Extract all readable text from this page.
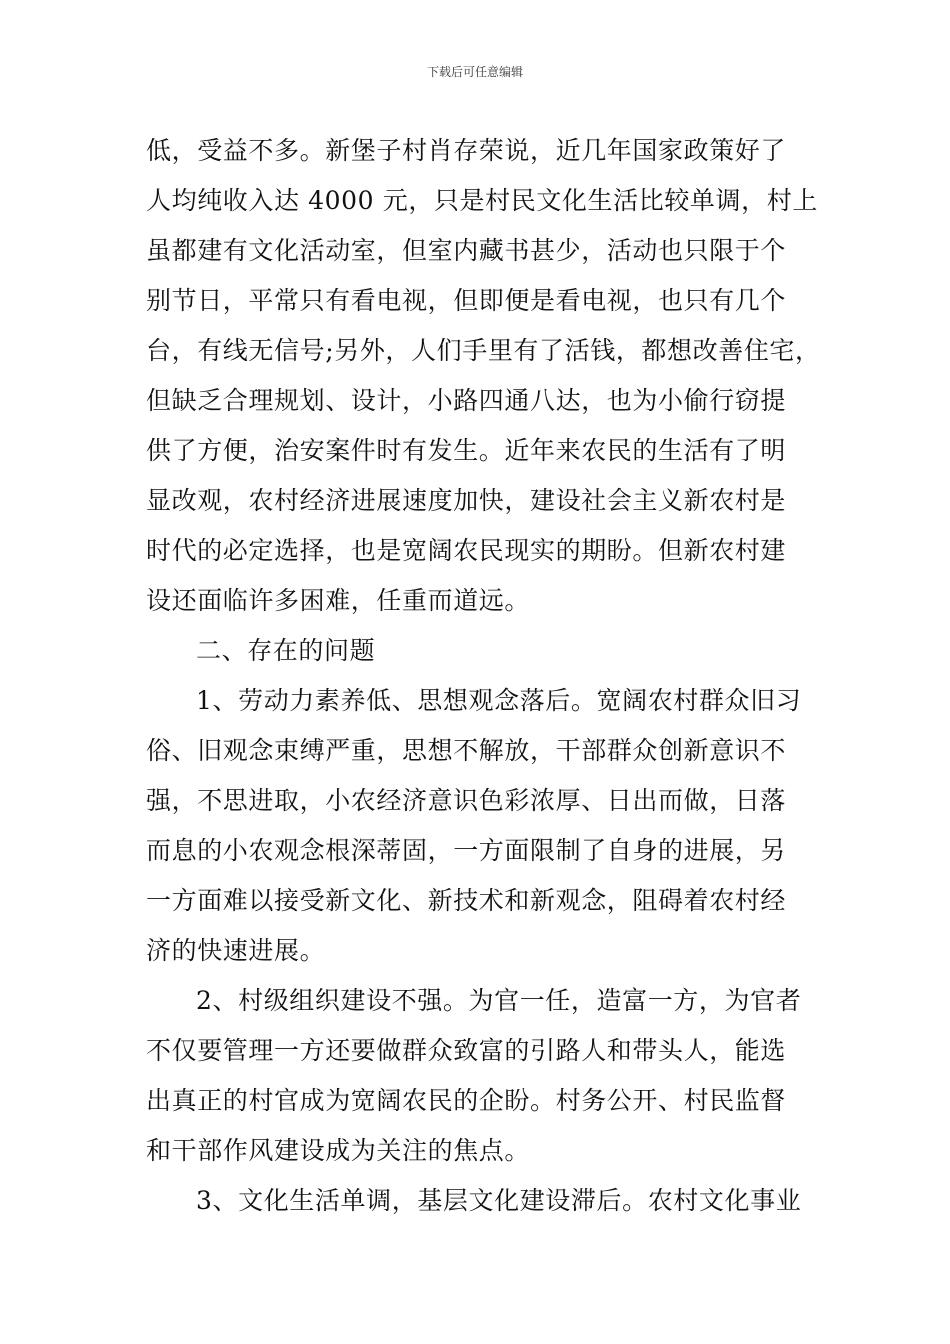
下载后可任意编辑
低，受益不多。新堡子村肖存荣说，近几年国家政策好了
人均纯收入达 4000 元，只是村民文化生活比较单调，村上
虽都建有文化活动室，但室内藏书甚少，活动也只限于个
别节日，平常只有看电视，但即便是看电视，也只有几个
台，有线无信号;另外，人们手里有了活钱，都想改善住宅，
但缺乏合理规划、设计，小路四通八达，也为小偷行窃提
供了方便，治安案件时有发生。近年来农民的生活有了明
显改观，农村经济进展速度加快，建设社会主义新农村是
时代的必定选择，也是宽阔农民现实的期盼。但新农村建
设还面临许多困难，任重而道远。
二、存在的问题
1、劳动力素养低、思想观念落后。宽阔农村群众旧习
俗、旧观念束缚严重，思想不解放，干部群众创新意识不
强，不思进取，小农经济意识色彩浓厚、日出而做，日落
而息的小农观念根深蒂固，一方面限制了自身的进展，另
一方面难以接受新文化、新技术和新观念，阻碍着农村经
济的快速进展。
2、村级组织建设不强。为官一任，造富一方，为官者
不仅要管理一方还要做群众致富的引路人和带头人，能选
出真正的村官成为宽阔农民的企盼。村务公开、村民监督
和干部作风建设成为关注的焦点。
3、文化生活单调，基层文化建设滞后。农村文化事业
